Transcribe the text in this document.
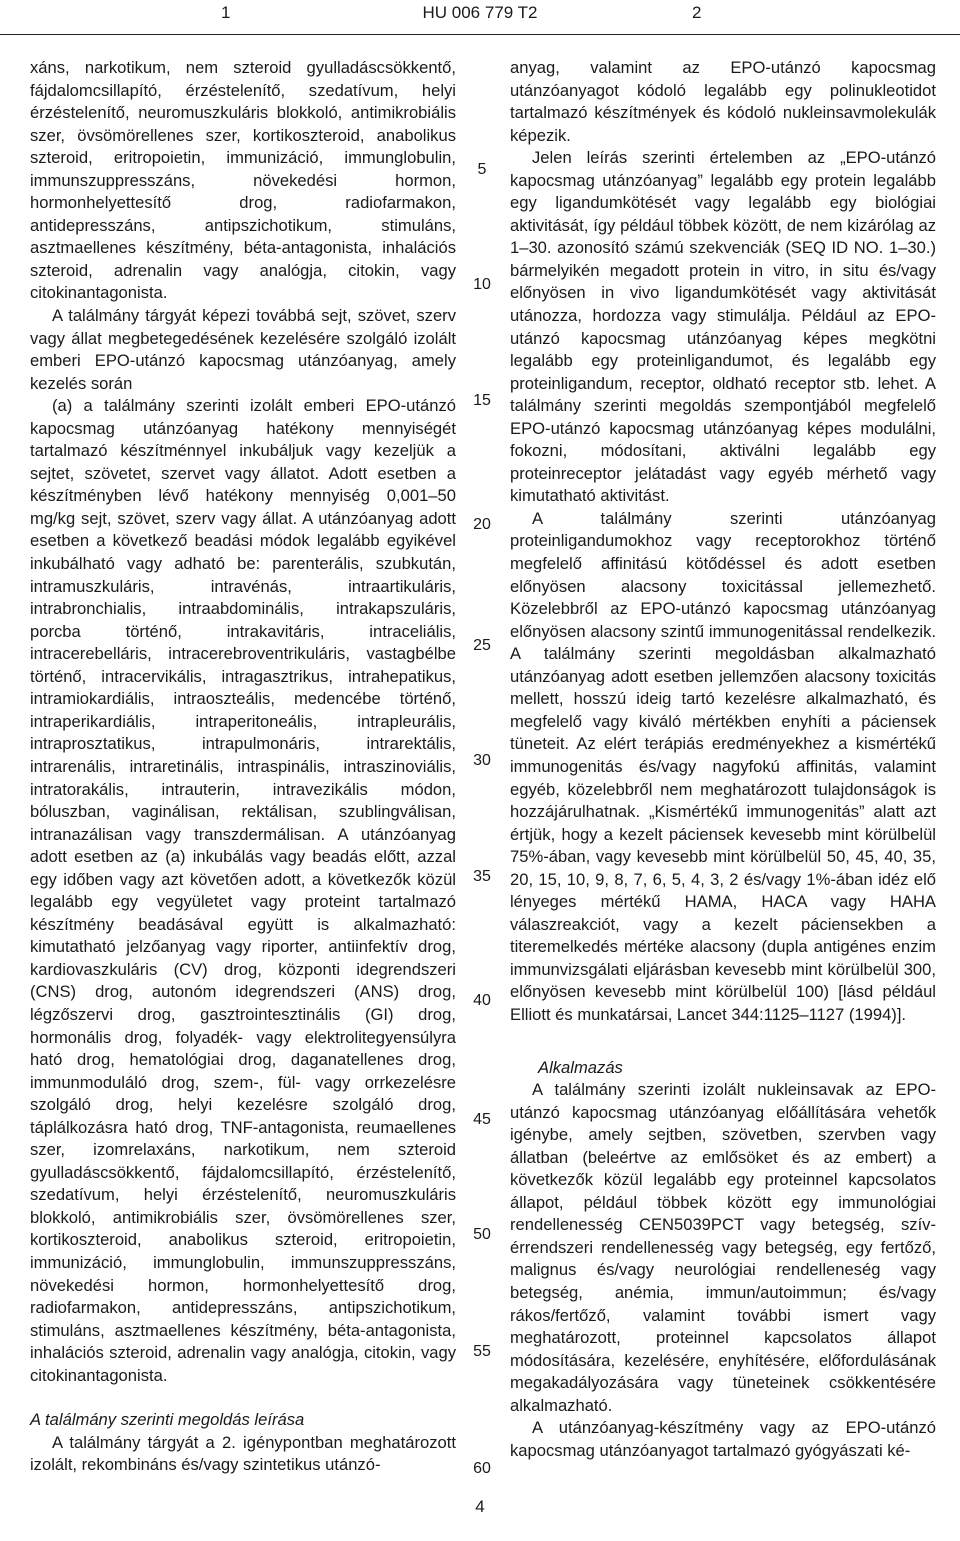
1	HU 006 779 T2	2

xáns, narkotikum, nem szteroid gyulladáscsökkentő, fájdalomcsillapító, érzéstelenítő, szedatívum, helyi érzéstelenítő, neuromuszkuláris blokkoló, antimikrobiális szer, övsömörellenes szer, kortikoszteroid, anabolikus szteroid, eritropoietin, immunizáció, immunglobulin, immunszuppresszáns, növekedési hormon, hormonhelyettesítő drog, radiofarmakon, antidepresszáns, antipszichotikum, stimuláns, asztmaellenes készítmény, béta-antagonista, inhalációs szteroid, adrenalin vagy analógja, citokin, vagy citokinantagonista.

A találmány tárgyát képezi továbbá sejt, szövet, szerv vagy állat megbetegedésének kezelésére szolgáló izolált emberi EPO-utánzó kapocsmag utánzóanyag, amely kezelés során

(a) a találmány szerinti izolált emberi EPO-utánzó kapocsmag utánzóanyag hatékony mennyiségét tartalmazó készítménnyel inkubáljuk vagy kezeljük a sejtet, szövetet, szervet vagy állatot. Adott esetben a készítményben lévő hatékony mennyiség 0,001–50 mg/kg sejt, szövet, szerv vagy állat. A utánzóanyag adott esetben a következő beadási módok legalább egyikével inkubálható vagy adható be: parenterális, szubkután, intramuszkuláris, intravénás, intraartikuláris, intrabronchialis, intraabdominális, intrakapszuláris, porcba történő, intrakavitáris, intraceliális, intracerebelláris, intracerebroventrikuláris, vastagbélbe történő, intracervikális, intragasztrikus, intrahepatikus, intramiokardiális, intraoszteális, medencébe történő, intraperikardiális, intraperitoneális, intrapleurális, intraprosztatikus, intrapulmonáris, intrarektális, intrarenális, intraretinális, intraspinális, intraszinoviális, intratorakális, intrauterin, intravezikális módon, bóluszban, vaginálisan, rektálisan, szublingválisan, intranazálisan vagy transzdermálisan. A utánzóanyag adott esetben az (a) inkubálás vagy beadás előtt, azzal egy időben vagy azt követően adott, a következők közül legalább egy vegyületet vagy proteint tartalmazó készítmény beadásával együtt is alkalmazható: kimutatható jelzőanyag vagy riporter, antiinfektív drog, kardiovaszkuláris (CV) drog, központi idegrendszeri (CNS) drog, autonóm idegrendszeri (ANS) drog, légzőszervi drog, gasztrointesztinális (GI) drog, hormonális drog, folyadék- vagy elektrolitegyensúlyra ható drog, hematológiai drog, daganatellenes drog, immunmoduláló drog, szem-, fül- vagy orrkezelésre szolgáló drog, helyi kezelésre szolgáló drog, táplálkozásra ható drog, TNF-antagonista, reumaellenes szer, izomrelaxáns, narkotikum, nem szteroid gyulladáscsökkentő, fájdalomcsillapító, érzéstelenítő, szedatívum, helyi érzéstelenítő, neuromuszkuláris blokkoló, antimikrobiális szer, övsömörellenes szer, kortikoszteroid, anabolikus szteroid, eritropoietin, immunizáció, immunglobulin, immunszuppresszáns, növekedési hormon, hormonhelyettesítő drog, radiofarmakon, antidepresszáns, antipszichotikum, stimuláns, asztmaellenes készítmény, béta-antagonista, inhalációs szteroid, adrenalin vagy analógja, citokin, vagy citokinantagonista.

A találmány szerinti megoldás leírása

A találmány tárgyát a 2. igénypontban meghatározott izolált, rekombináns és/vagy szintetikus utánzó-

anyag, valamint az EPO-utánzó kapocsmag utánzóanyagot kódoló legalább egy polinukleotidot tartalmazó készítmények és kódoló nukleinsavmolekulák képezik.

Jelen leírás szerinti értelemben az „EPO-utánzó kapocsmag utánzóanyag” legalább egy protein legalább egy ligandumkötését vagy legalább egy biológiai aktivitását, így például többek között, de nem kizárólag az 1–30. azonosító számú szekvenciák (SEQ ID NO. 1–30.) bármelyikén megadott protein in vitro, in situ és/vagy előnyösen in vivo ligandumkötését vagy aktivitását utánozza, hordozza vagy stimulálja. Például az EPO-utánzó kapocsmag utánzóanyag képes megkötni legalább egy proteinligandumot, és legalább egy proteinligandum, receptor, oldható receptor stb. lehet. A találmány szerinti megoldás szempontjából megfelelő EPO-utánzó kapocsmag utánzóanyag képes modulálni, fokozni, módosítani, aktiválni legalább egy proteinreceptor jelátadást vagy egyéb mérhető vagy kimutatható aktivitást.

A találmány szerinti utánzóanyag proteinligandumokhoz vagy receptorokhoz történő megfelelő affinitású kötődéssel és adott esetben előnyösen alacsony toxicitással jellemezhető. Közelebbről az EPO-utánzó kapocsmag utánzóanyag előnyösen alacsony szintű immunogenitással rendelkezik. A találmány szerinti megoldásban alkalmazható utánzóanyag adott esetben jellemzően alacsony toxicitás mellett, hosszú ideig tartó kezelésre alkalmazható, és megfelelő vagy kiváló mértékben enyhíti a páciensek tüneteit. Az elért terápiás eredményekhez a kismértékű immunogenitás és/vagy nagyfokú affinitás, valamint egyéb, közelebbről nem meghatározott tulajdonságok is hozzájárulhatnak. „Kismértékű immunogenitás” alatt azt értjük, hogy a kezelt páciensek kevesebb mint körülbelül 75%-ában, vagy kevesebb mint körülbelül 50, 45, 40, 35, 20, 15, 10, 9, 8, 7, 6, 5, 4, 3, 2 és/vagy 1%-ában idéz elő lényeges mértékű HAMA, HACA vagy HAHA válaszreakciót, vagy a kezelt páciensekben a titeremelkedés mértéke alacsony (dupla antigénes enzim immunvizsgálati eljárásban kevesebb mint körülbelül 300, előnyösen kevesebb mint körülbelül 100) [lásd például Elliott és munkatársai, Lancet 344:1125–1127 (1994)].

Alkalmazás

A találmány szerinti izolált nukleinsavak az EPO-utánzó kapocsmag utánzóanyag előállítására vehetők igénybe, amely sejtben, szövetben, szervben vagy állatban (beleértve az emlősöket és az embert) a következők közül legalább egy proteinnel kapcsolatos állapot, például többek között egy immunológiai rendellenesség CEN5039PCT vagy betegség, szív-érrendszeri rendellenesség vagy betegség, egy fertőző, malignus és/vagy neurológiai rendelleneség vagy betegség, anémia, immun/autoimmun; és/vagy rákos/fertőző, valamint további ismert vagy meghatározott, proteinnel kapcsolatos állapot módosítására, kezelésére, enyhítésére, előfordulásának megakadályozására vagy tüneteinek csökkentésére alkalmazható.

A utánzóanyag-készítmény vagy az EPO-utánzó kapocsmag utánzóanyagot tartalmazó gyógyászati ké-

5
10
15
20
25
30
35
40
45
50
55
60
4
